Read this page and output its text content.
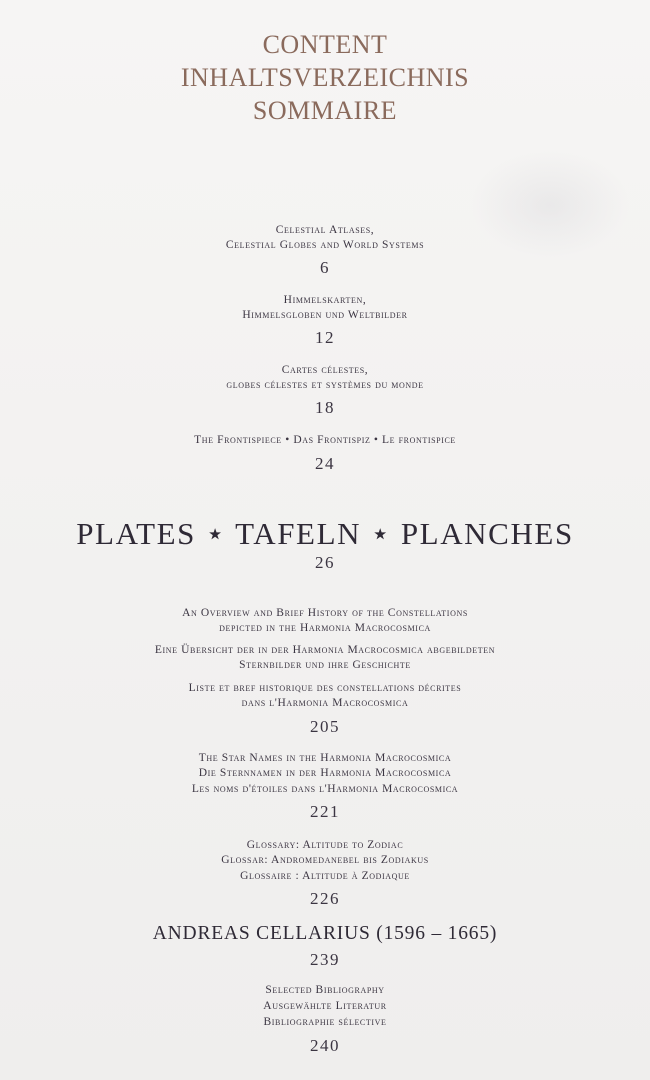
CONTENT
INHALTSVERZEICHNIS
SOMMAIRE
Celestial Atlases,
Celestial Globes and World Systems
6
Himmelskarten,
Himmelsgloben und Weltbilder
12
Cartes célestes,
globes célestes et systèmes du monde
18
The Frontispiece • Das Frontispiz • Le frontispice
24
PLATES ⋆ TAFELN ⋆ PLANCHES
26
An Overview and Brief History of the Constellations
depicted in the Harmonia Macrocosmica
Eine Übersicht der in der Harmonia Macrocosmica abgebildeten
Sternbilder und ihre Geschichte
Liste et bref historique des constellations décrites
dans l'Harmonia Macrocosmica
205
The Star Names in the Harmonia Macrocosmica
Die Sternnamen in der Harmonia Macrocosmica
Les noms d'étoiles dans l'Harmonia Macrocosmica
221
Glossary: Altitude to Zodiac
Glossar: Andromedanebel bis Zodiakus
Glossaire : Altitude à Zodiaque
226
ANDREAS CELLARIUS (1596 – 1665)
239
Selected Bibliography
Ausgewählte Literatur
Bibliographie sélective
240
